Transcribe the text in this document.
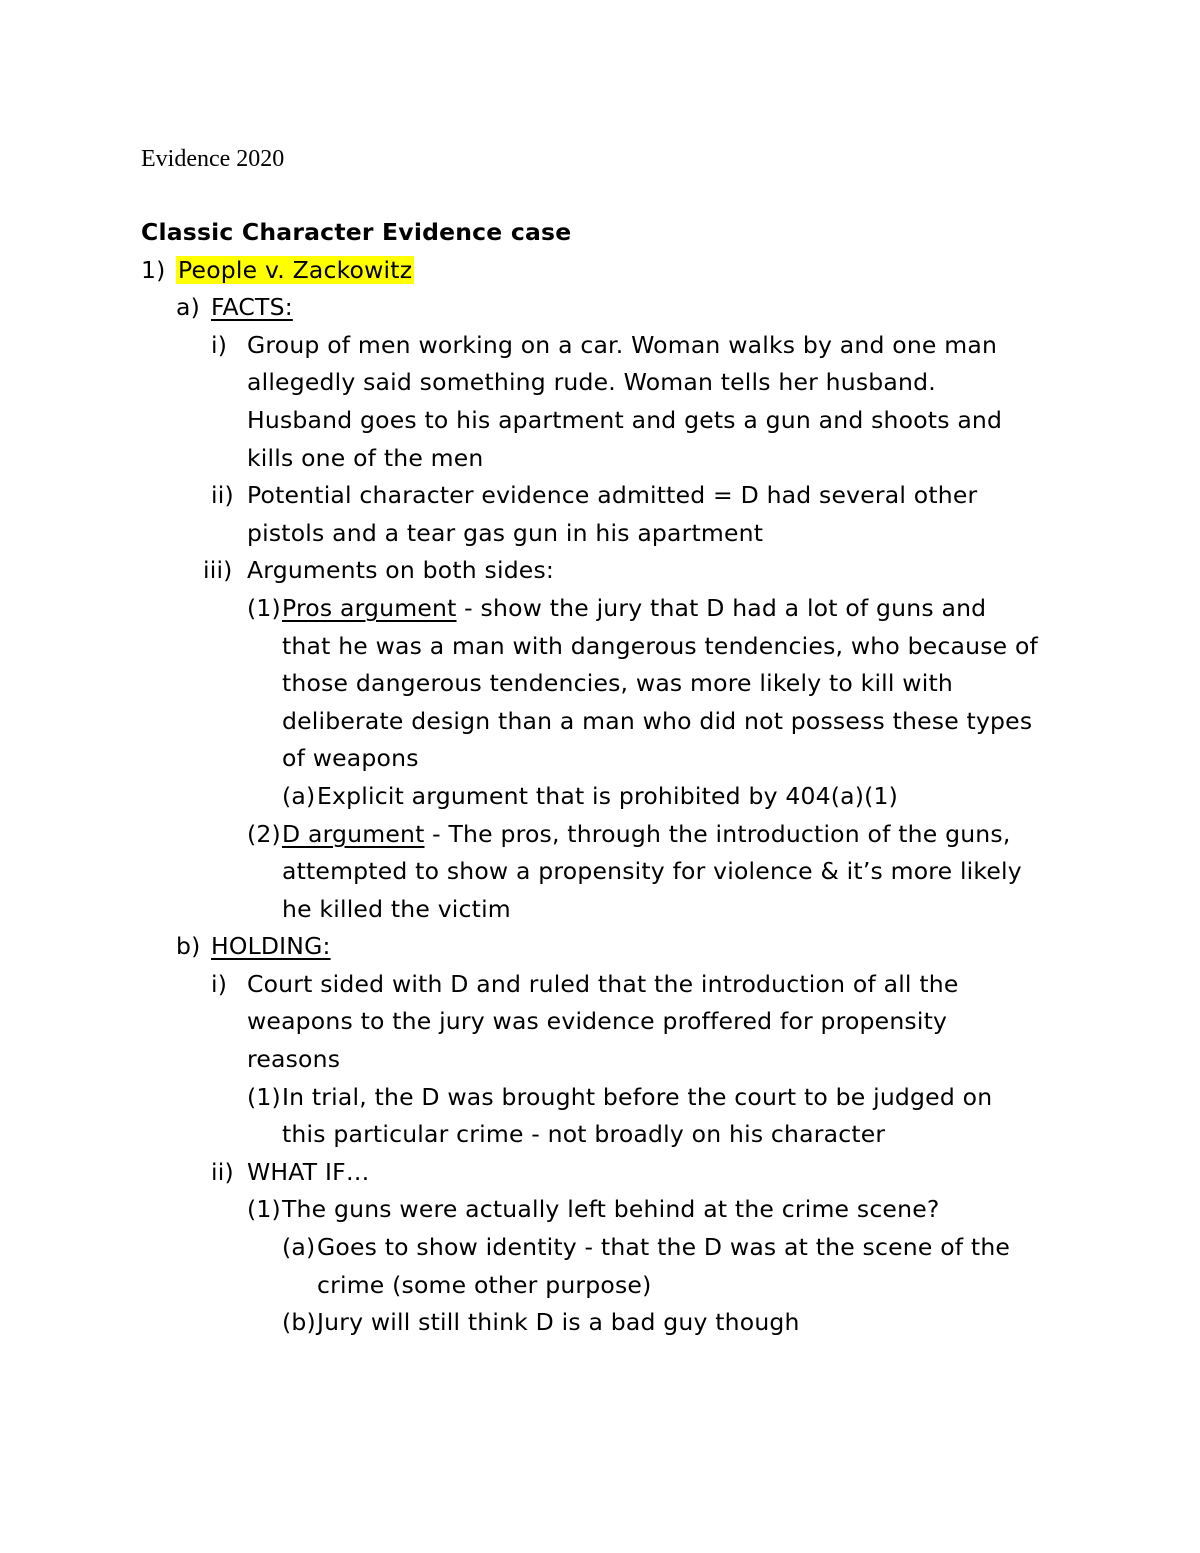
Evidence 2020
Classic Character Evidence case
1) People v. Zackowitz
a) FACTS:
i) Group of men working on a car. Woman walks by and one man
allegedly said something rude. Woman tells her husband.
Husband goes to his apartment and gets a gun and shoots and
kills one of the men
ii) Potential character evidence admitted = D had several other
pistols and a tear gas gun in his apartment
iii) Arguments on both sides:
(1) Pros argument - show the jury that D had a lot of guns and
that he was a man with dangerous tendencies, who because of
those dangerous tendencies, was more likely to kill with
deliberate design than a man who did not possess these types
of weapons
(a) Explicit argument that is prohibited by 404(a)(1)
(2) D argument - The pros, through the introduction of the guns,
attempted to show a propensity for violence & it’s more likely
he killed the victim
b) HOLDING:
i) Court sided with D and ruled that the introduction of all the
weapons to the jury was evidence proffered for propensity
reasons
(1) In trial, the D was brought before the court to be judged on
this particular crime - not broadly on his character
ii) WHAT IF…
(1) The guns were actually left behind at the crime scene?
(a) Goes to show identity - that the D was at the scene of the
crime (some other purpose)
(b) Jury will still think D is a bad guy though
